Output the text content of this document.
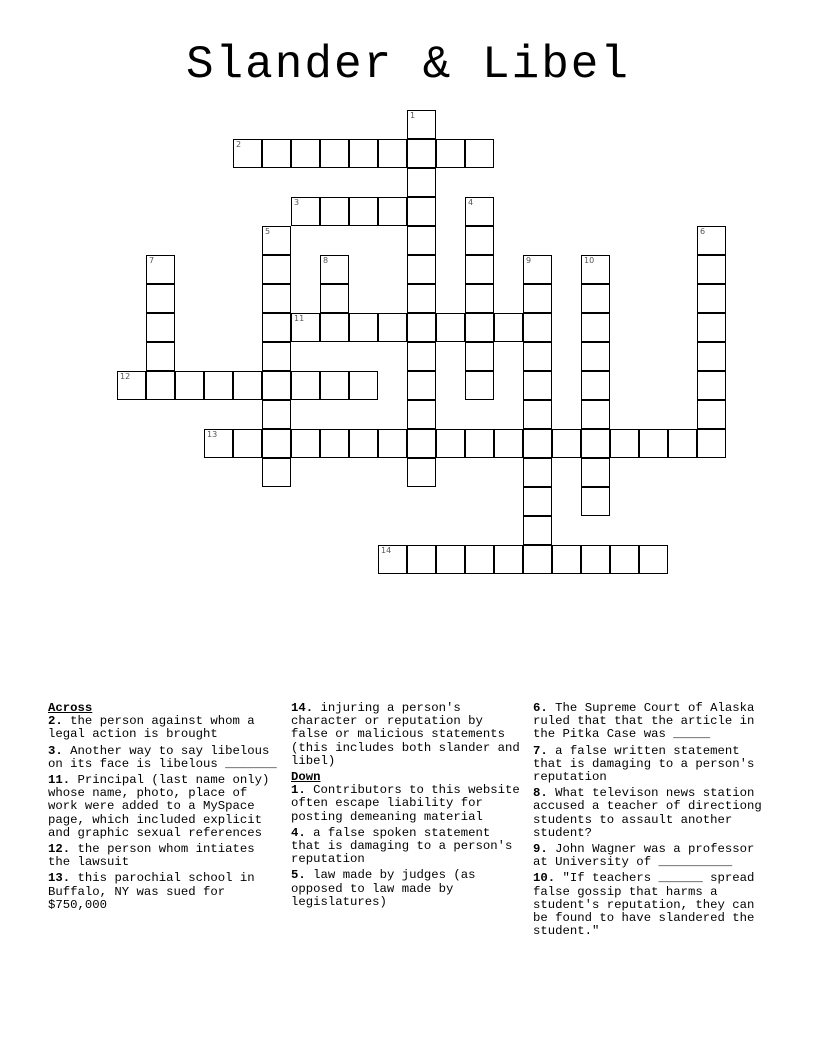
Slander & Libel
1
2
3	4
5	6
7	8	9	10
11
12
13
14
Across
2. the person against whom a legal action is brought
3. Another way to say libelous on its face is libelous _______
11. Principal (last name only) whose name, photo, place of work were added to a MySpace page, which included explicit and graphic sexual references
12. the person whom intiates the lawsuit
13. this parochial school in Buffalo, NY was sued for $750,000
14. injuring a person's character or reputation by false or malicious statements (this includes both slander and libel)
Down
1. Contributors to this website often escape liability for posting demeaning material
4. a false spoken statement that is damaging to a person's reputation
5. law made by judges (as opposed to law made by legislatures)
6. The Supreme Court of Alaska ruled that that the article in the Pitka Case was _____
7. a false written statement that is damaging to a person's reputation
8. What televison news station accused a teacher of directiong students to assault another student?
9. John Wagner was a professor at University of __________
10. "If teachers ______ spread false gossip that harms a student's reputation, they can be found to have slandered the student."
